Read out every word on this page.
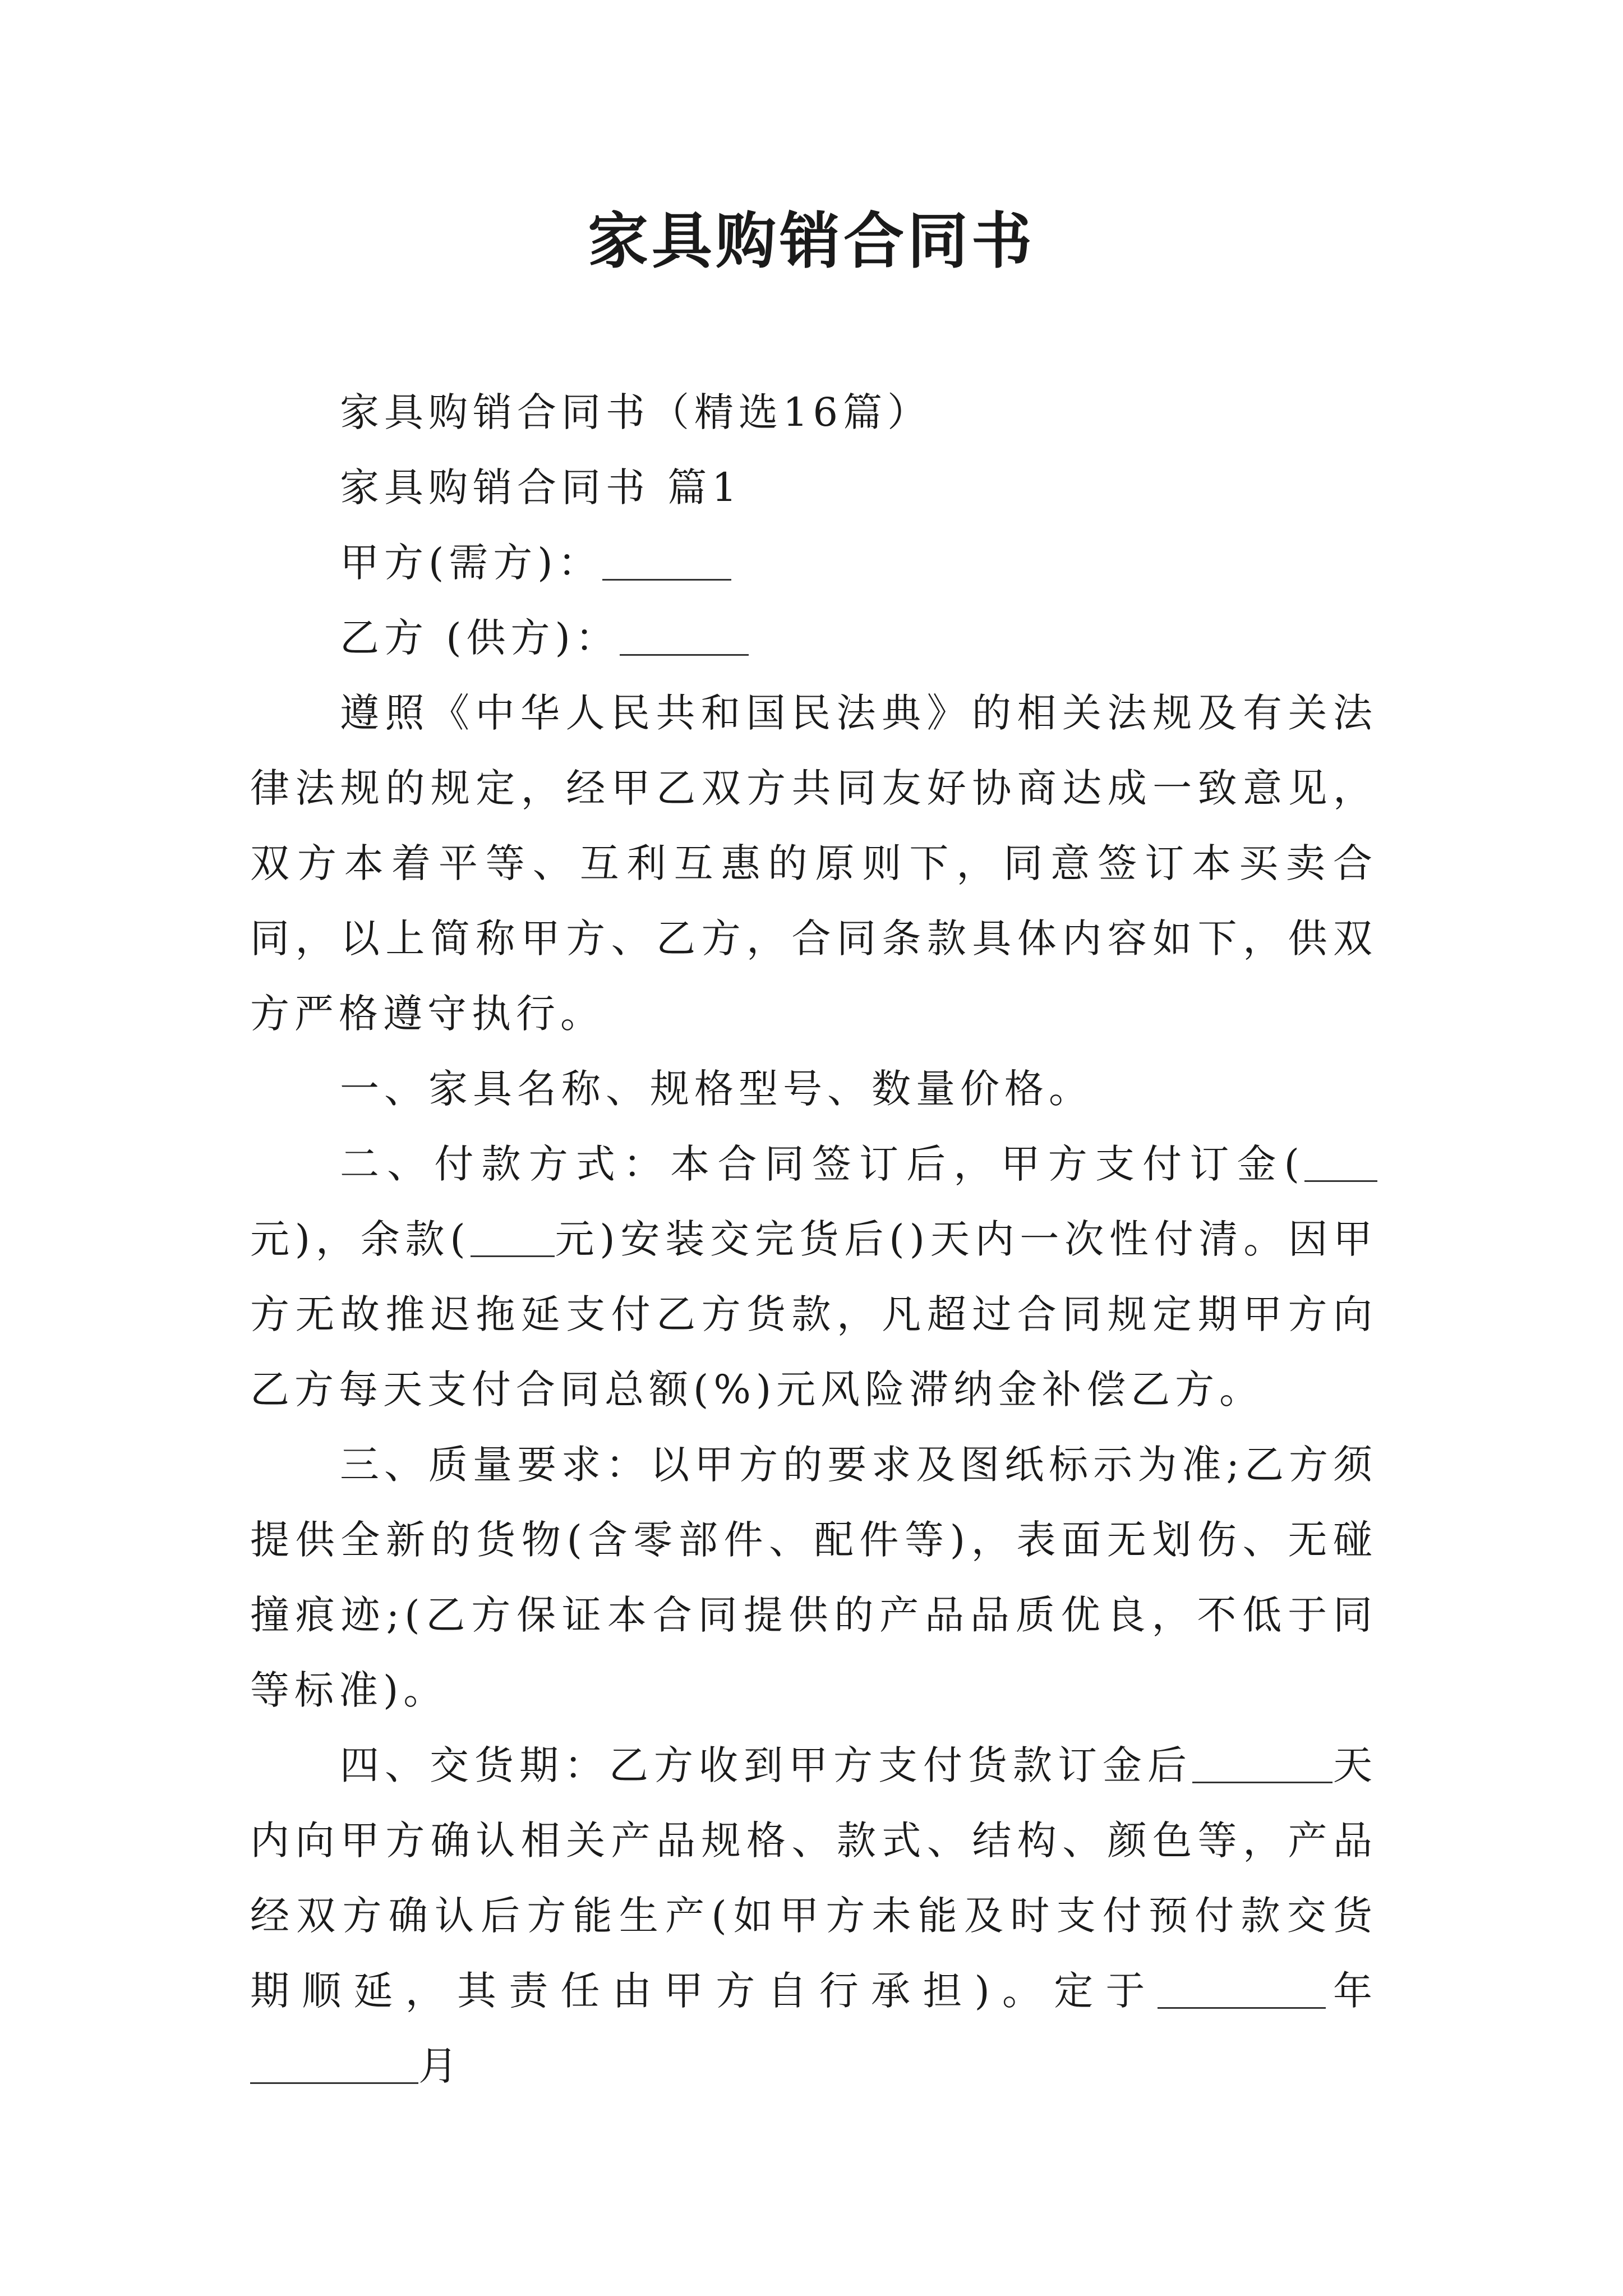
家具购销合同书

家具购销合同书（精选16篇）

家具购销合同书 篇1

甲方(需方)：

乙方 (供方)：

遵照《中华人民共和国民法典》的相关法规及有关法律法规的规定，经甲乙双方共同友好协商达成一致意见，双方本着平等、互利互惠的原则下，同意签订本买卖合同，以上简称甲方、乙方，合同条款具体内容如下，供双方严格遵守执行。

一、家具名称、规格型号、数量价格。

二、付款方式：本合同签订后，甲方支付订金(元)，余款( 元)安装交完货后()天内一次性付清。因甲方无故推迟拖延支付乙方货款，凡超过合同规定期甲方向乙方每天支付合同总额(%)元风险滞纳金补偿乙方。

三、质量要求：以甲方的要求及图纸标示为准;乙方须提供全新的货物(含零部件、配件等)，表面无划伤、无碰撞痕迹;(乙方保证本合同提供的产品品质优良，不低于同等标准)。

四、交货期：乙方收到甲方支付货款订金后	天内向甲方确认相关产品规格、款式、结构、颜色等，产品经双方确认后方能生产(如甲方未能及时支付预付款交货期顺延，其责任由甲方自行承担)。定于	年月
